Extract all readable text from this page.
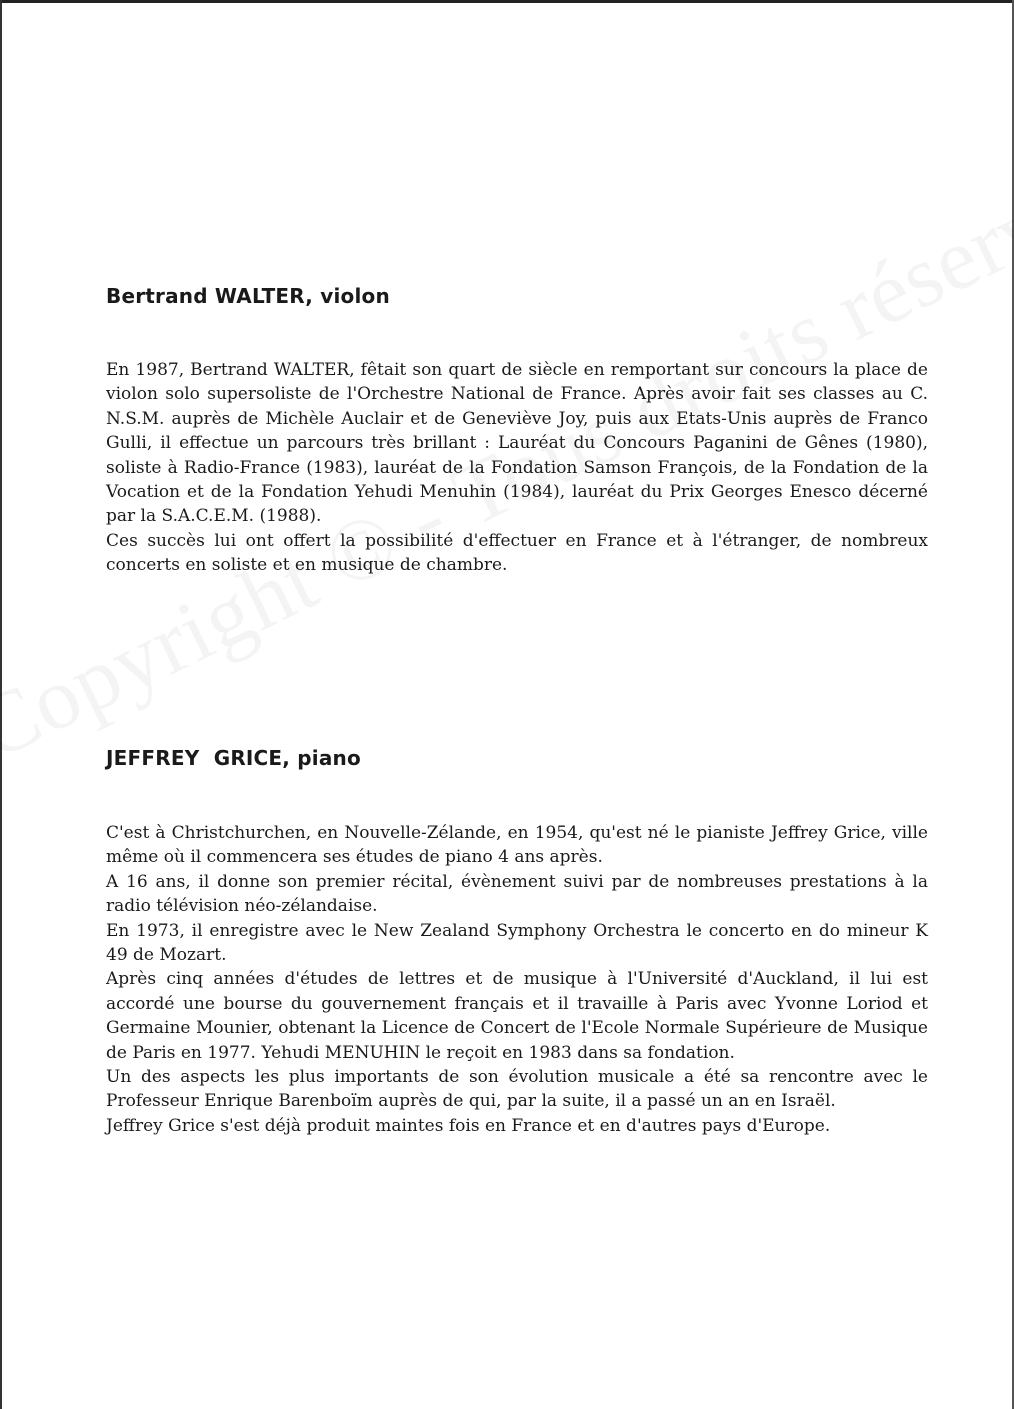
Bertrand WALTER, violon

En 1987, Bertrand WALTER, fêtait son quart de siècle en remportant sur concours la place de violon solo supersoliste de l'Orchestre National de France. Après avoir fait ses classes au C. N.S.M. auprès de Michèle Auclair et de Geneviève Joy, puis aux Etats-Unis auprès de Franco Gulli, il effectue un parcours très brillant : Lauréat du Concours Paganini de Gênes (1980), soliste à Radio-France (1983), lauréat de la Fondation Samson François, de la Fondation de la Vocation et de la Fondation Yehudi Menuhin (1984), lauréat du Prix Georges Enesco décerné par la S.A.C.E.M. (1988).

Ces succès lui ont offert la possibilité d'effectuer en France et à l'étranger, de nombreux concerts en soliste et en musique de chambre.

JEFFREY  GRICE, piano

C'est à Christchurchen, en Nouvelle-Zélande, en 1954, qu'est né le pianiste Jeffrey Grice, ville même où il commencera ses études de piano 4 ans après.

A 16 ans, il donne son premier récital, évènement suivi par de nombreuses prestations à la radio télévision néo-zélandaise.

En 1973, il enregistre avec le New Zealand Symphony Orchestra le concerto en do mineur K 49 de Mozart.

Après cinq années d'études de lettres et de musique à l'Université d'Auckland, il lui est accordé une bourse du gouvernement français et il travaille à Paris avec Yvonne Loriod et Germaine Mounier, obtenant la Licence de Concert de l'Ecole Normale Supérieure de Musique de Paris en 1977. Yehudi MENUHIN le reçoit en 1983 dans sa fondation.

Un des aspects les plus importants de son évolution musicale a été sa rencontre avec le Professeur Enrique Barenboïm auprès de qui, par la suite, il a passé un an en Israël.

Jeffrey Grice s'est déjà produit maintes fois en France et en d'autres pays d'Europe.
